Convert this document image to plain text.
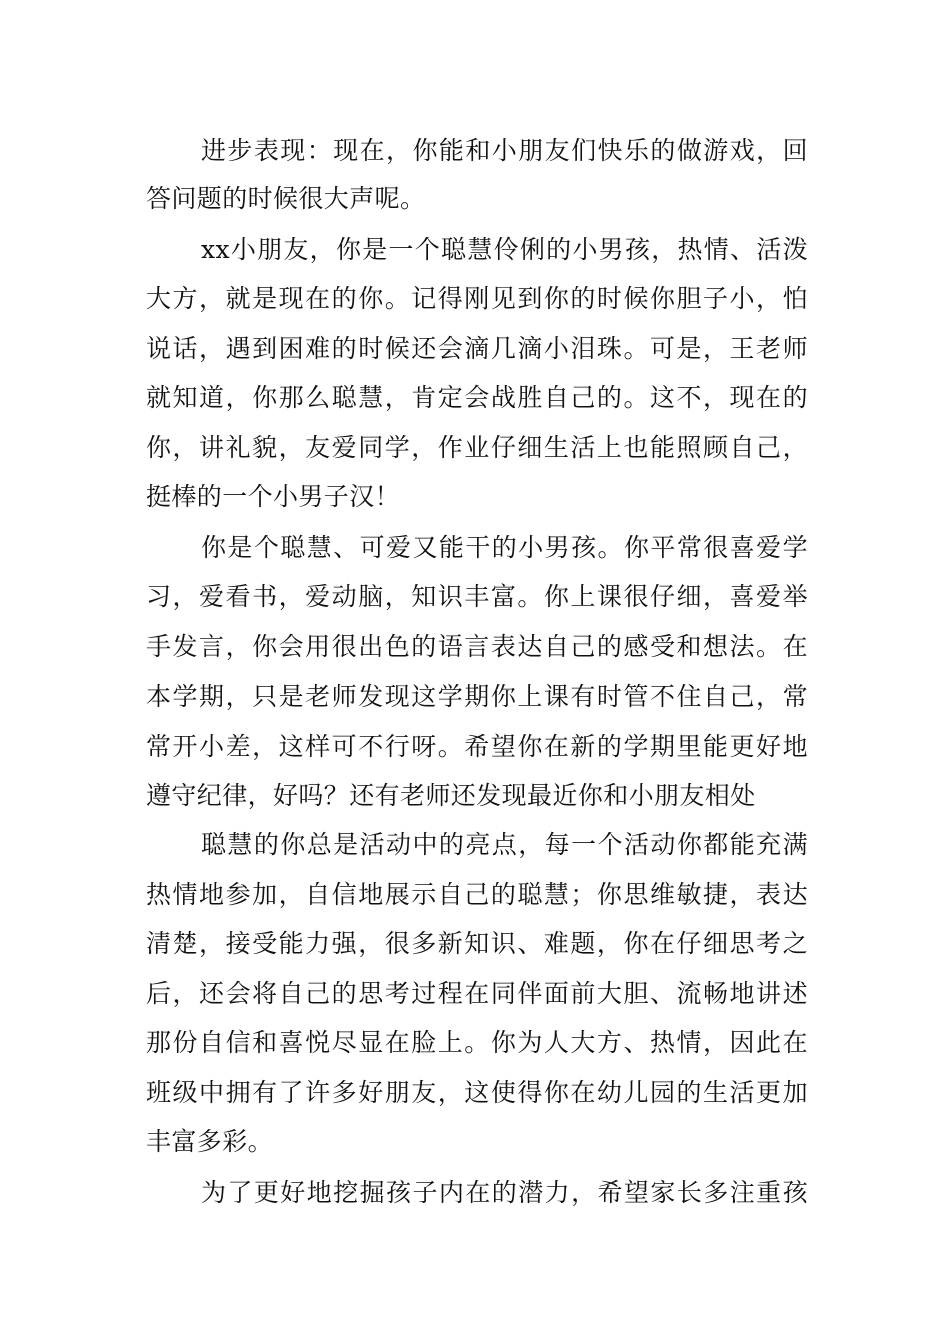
进步表现：现在，你能和小朋友们快乐的做游戏，回
答问题的时候很大声呢。
xx小朋友，你是一个聪慧伶俐的小男孩，热情、活泼
大方，就是现在的你。记得刚见到你的时候你胆子小，怕
说话，遇到困难的时候还会滴几滴小泪珠。可是，王老师
就知道，你那么聪慧，肯定会战胜自己的。这不，现在的
你，讲礼貌，友爱同学，作业仔细生活上也能照顾自己，
挺棒的一个小男子汉！
你是个聪慧、可爱又能干的小男孩。你平常很喜爱学
习，爱看书，爱动脑，知识丰富。你上课很仔细，喜爱举
手发言，你会用很出色的语言表达自己的感受和想法。在
本学期，只是老师发现这学期你上课有时管不住自己，常
常开小差，这样可不行呀。希望你在新的学期里能更好地
遵守纪律，好吗？还有老师还发现最近你和小朋友相处
聪慧的你总是活动中的亮点，每一个活动你都能充满
热情地参加，自信地展示自己的聪慧；你思维敏捷，表达
清楚，接受能力强，很多新知识、难题，你在仔细思考之
后，还会将自己的思考过程在同伴面前大胆、流畅地讲述
那份自信和喜悦尽显在脸上。你为人大方、热情，因此在
班级中拥有了许多好朋友，这使得你在幼儿园的生活更加
丰富多彩。
为了更好地挖掘孩子内在的潜力，希望家长多注重孩
